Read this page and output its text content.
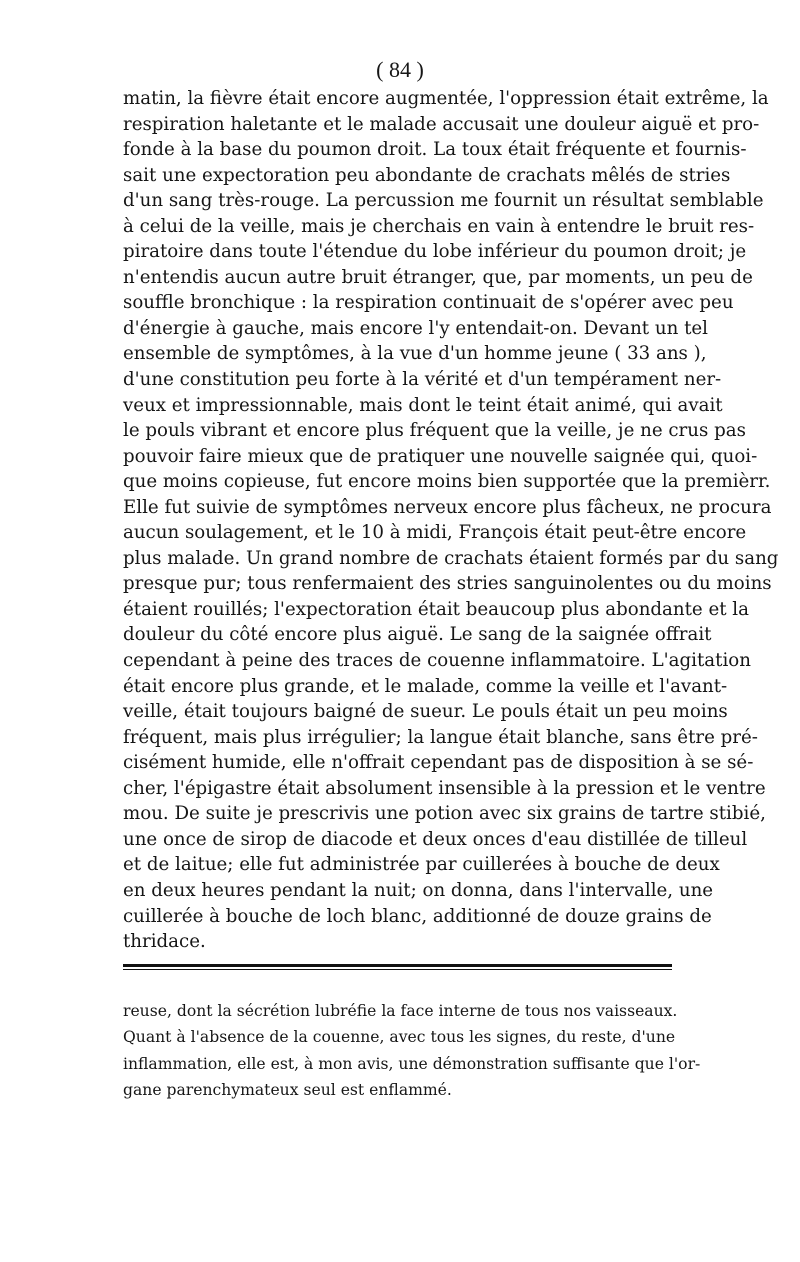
( 84 )
matin, la fièvre était encore augmentée, l'oppression était extrême, la
respiration haletante et le malade accusait une douleur aiguë et pro-
fonde à la base du poumon droit. La toux était fréquente et fournis-
sait une expectoration peu abondante de crachats mêlés de stries
d'un sang très-rouge. La percussion me fournit un résultat semblable
à celui de la veille, mais je cherchais en vain à entendre le bruit res-
piratoire dans toute l'étendue du lobe inférieur du poumon droit; je
n'entendis aucun autre bruit étranger, que, par moments, un peu de
souffle bronchique : la respiration continuait de s'opérer avec peu
d'énergie à gauche, mais encore l'y entendait-on. Devant un tel
ensemble de symptômes, à la vue d'un homme jeune ( 33 ans ),
d'une constitution peu forte à la vérité et d'un tempérament ner-
veux et impressionnable, mais dont le teint était animé, qui avait
le pouls vibrant et encore plus fréquent que la veille, je ne crus pas
pouvoir faire mieux que de pratiquer une nouvelle saignée qui, quoi-
que moins copieuse, fut encore moins bien supportée que la premièrr.
Elle fut suivie de symptômes nerveux encore plus fâcheux, ne procura
aucun soulagement, et le 10 à midi, François était peut-être encore
plus malade. Un grand nombre de crachats étaient formés par du sang
presque pur; tous renfermaient des stries sanguinolentes ou du moins
étaient rouillés; l'expectoration était beaucoup plus abondante et la
douleur du côté encore plus aiguë. Le sang de la saignée offrait
cependant à peine des traces de couenne inflammatoire. L'agitation
était encore plus grande, et le malade, comme la veille et l'avant-
veille, était toujours baigné de sueur. Le pouls était un peu moins
fréquent, mais plus irrégulier; la langue était blanche, sans être pré-
cisément humide, elle n'offrait cependant pas de disposition à se sé-
cher, l'épigastre était absolument insensible à la pression et le ventre
mou. De suite je prescrivis une potion avec six grains de tartre stibié,
une once de sirop de diacode et deux onces d'eau distillée de tilleul
et de laitue; elle fut administrée par cuillerées à bouche de deux
en deux heures pendant la nuit; on donna, dans l'intervalle, une
cuillerée à bouche de loch blanc, additionné de douze grains de
thridace.
reuse, dont la sécrétion lubréfie la face interne de tous nos vaisseaux.
Quant à l'absence de la couenne, avec tous les signes, du reste, d'une
inflammation, elle est, à mon avis, une démonstration suffisante que l'or-
gane parenchymateux seul est enflammé.
